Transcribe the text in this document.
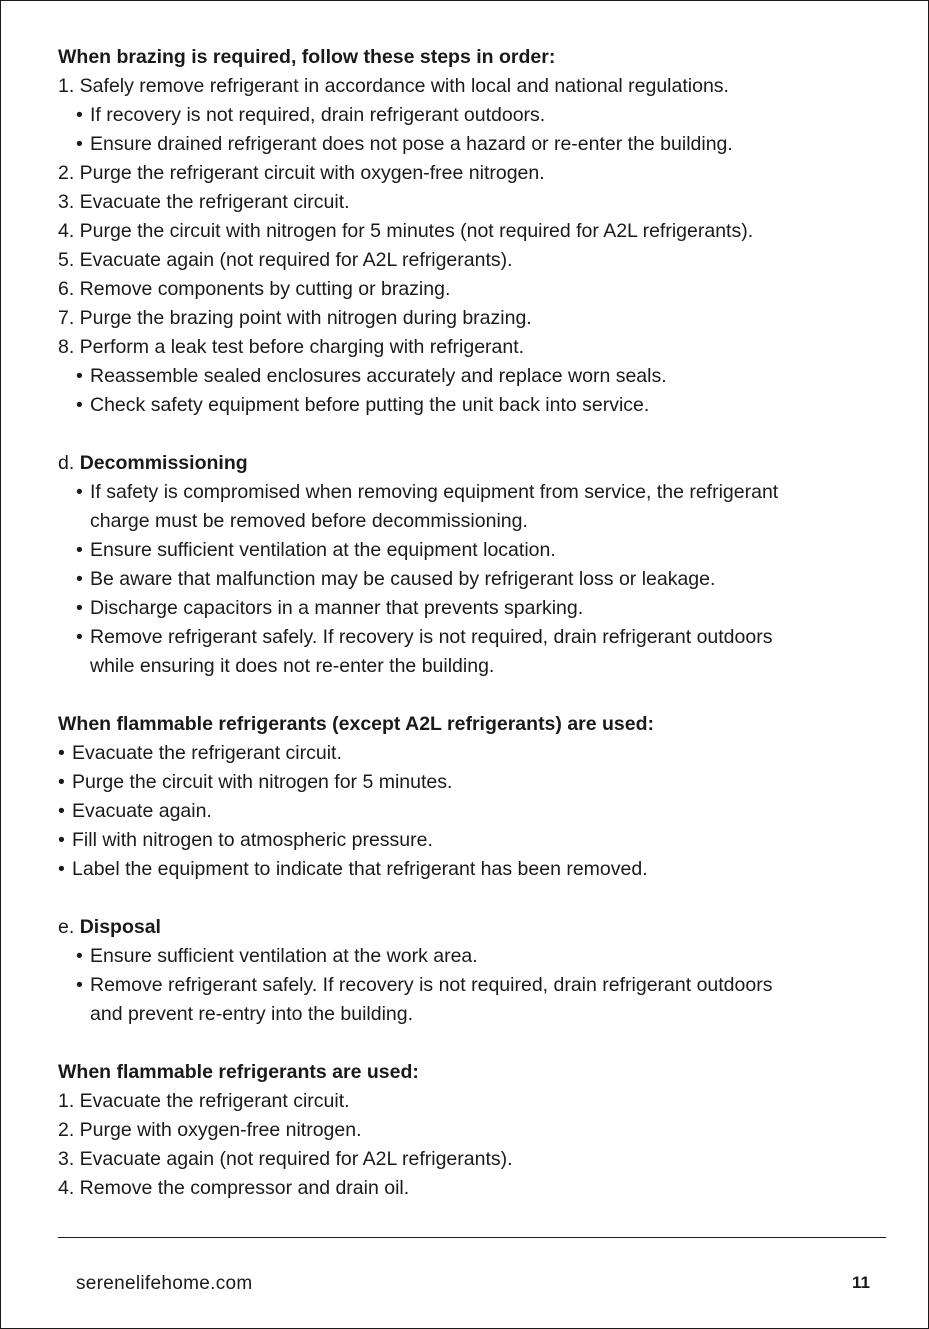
When brazing is required, follow these steps in order:
1. Safely remove refrigerant in accordance with local and national regulations.
• If recovery is not required, drain refrigerant outdoors.
• Ensure drained refrigerant does not pose a hazard or re-enter the building.
2. Purge the refrigerant circuit with oxygen-free nitrogen.
3. Evacuate the refrigerant circuit.
4. Purge the circuit with nitrogen for 5 minutes (not required for A2L refrigerants).
5. Evacuate again (not required for A2L refrigerants).
6. Remove components by cutting or brazing.
7. Purge the brazing point with nitrogen during brazing.
8. Perform a leak test before charging with refrigerant.
• Reassemble sealed enclosures accurately and replace worn seals.
• Check safety equipment before putting the unit back into service.
d. Decommissioning
• If safety is compromised when removing equipment from service, the refrigerant
charge must be removed before decommissioning.
• Ensure sufficient ventilation at the equipment location.
• Be aware that malfunction may be caused by refrigerant loss or leakage.
• Discharge capacitors in a manner that prevents sparking.
• Remove refrigerant safely. If recovery is not required, drain refrigerant outdoors
while ensuring it does not re-enter the building.
When flammable refrigerants (except A2L refrigerants) are used:
• Evacuate the refrigerant circuit.
• Purge the circuit with nitrogen for 5 minutes.
• Evacuate again.
• Fill with nitrogen to atmospheric pressure.
• Label the equipment to indicate that refrigerant has been removed.
e. Disposal
• Ensure sufficient ventilation at the work area.
• Remove refrigerant safely. If recovery is not required, drain refrigerant outdoors
and prevent re-entry into the building.
When flammable refrigerants are used:
1. Evacuate the refrigerant circuit.
2. Purge with oxygen-free nitrogen.
3. Evacuate again (not required for A2L refrigerants).
4. Remove the compressor and drain oil.
serenelifehome.com	11
